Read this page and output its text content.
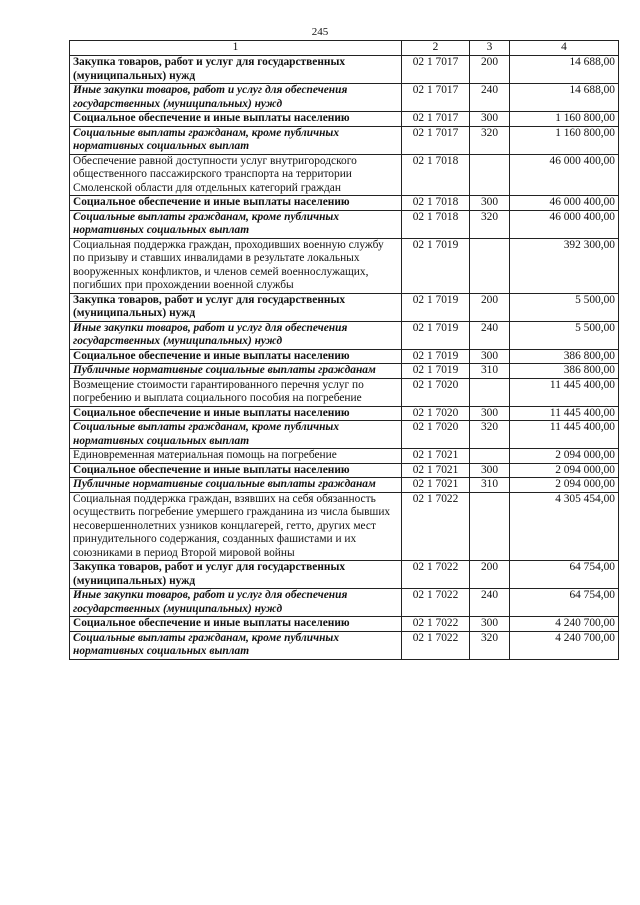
245
1	2	3	4
Закупка товаров, работ и услуг для государственных (муниципальных) нужд	02 1 7017	200	14 688,00
Иные закупки товаров, работ и услуг для обеспечения государственных (муниципальных) нужд	02 1 7017	240	14 688,00
Социальное обеспечение и иные выплаты населению	02 1 7017	300	1 160 800,00
Социальные выплаты гражданам, кроме публичных нормативных социальных выплат	02 1 7017	320	1 160 800,00
Обеспечение равной доступности услуг внутригородского общественного пассажирского транспорта на территории Смоленской области для отдельных категорий граждан	02 1 7018		46 000 400,00
Социальное обеспечение и иные выплаты населению	02 1 7018	300	46 000 400,00
Социальные выплаты гражданам, кроме публичных нормативных социальных выплат	02 1 7018	320	46 000 400,00
Социальная поддержка граждан, проходивших военную службу по призыву и ставших инвалидами в результате локальных вооруженных конфликтов, и членов семей военнослужащих, погибших при прохождении военной службы	02 1 7019		392 300,00
Закупка товаров, работ и услуг для государственных (муниципальных) нужд	02 1 7019	200	5 500,00
Иные закупки товаров, работ и услуг для обеспечения государственных (муниципальных) нужд	02 1 7019	240	5 500,00
Социальное обеспечение и иные выплаты населению	02 1 7019	300	386 800,00
Публичные нормативные социальные выплаты гражданам	02 1 7019	310	386 800,00
Возмещение стоимости гарантированного перечня услуг по погребению и выплата социального пособия на погребение	02 1 7020		11 445 400,00
Социальное обеспечение и иные выплаты населению	02 1 7020	300	11 445 400,00
Социальные выплаты гражданам, кроме публичных нормативных социальных выплат	02 1 7020	320	11 445 400,00
Единовременная материальная помощь на погребение	02 1 7021		2 094 000,00
Социальное обеспечение и иные выплаты населению	02 1 7021	300	2 094 000,00
Публичные нормативные социальные выплаты гражданам	02 1 7021	310	2 094 000,00
Социальная поддержка граждан, взявших на себя обязанность осуществить погребение умершего гражданина из числа бывших несовершеннолетних узников концлагерей, гетто, других мест принудительного содержания, созданных фашистами и их союзниками в период Второй мировой войны	02 1 7022		4 305 454,00
Закупка товаров, работ и услуг для государственных (муниципальных) нужд	02 1 7022	200	64 754,00
Иные закупки товаров, работ и услуг для обеспечения государственных (муниципальных) нужд	02 1 7022	240	64 754,00
Социальное обеспечение и иные выплаты населению	02 1 7022	300	4 240 700,00
Социальные выплаты гражданам, кроме публичных нормативных социальных выплат	02 1 7022	320	4 240 700,00
